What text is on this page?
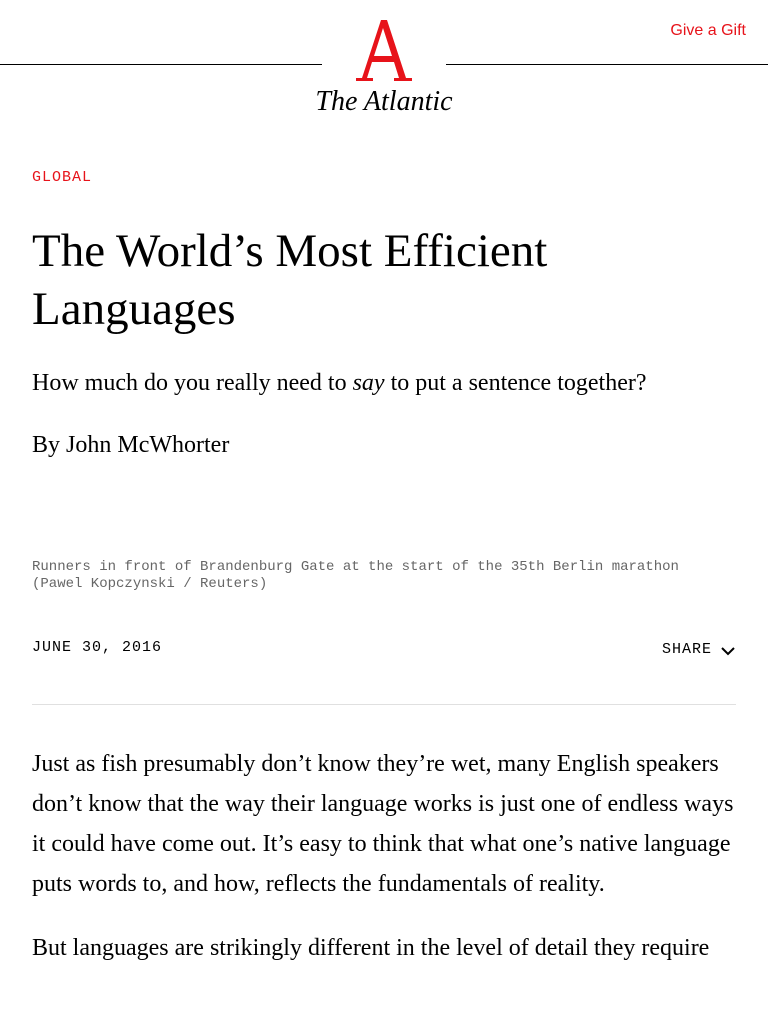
The Atlantic
Give a Gift
GLOBAL
The World’s Most Efficient Languages

How much do you really need to say to put a sentence together?

By John McWhorter

Runners in front of Brandenburg Gate at the start of the 35th Berlin marathon (Pawel Kopczynski / Reuters)

JUNE 30, 2016	SHARE

Just as fish presumably don’t know they’re wet, many English speakers don’t know that the way their language works is just one of endless ways it could have come out. It’s easy to think that what one’s native language puts words to, and how, reflects the fundamentals of reality.

But languages are strikingly different in the level of detail they require
